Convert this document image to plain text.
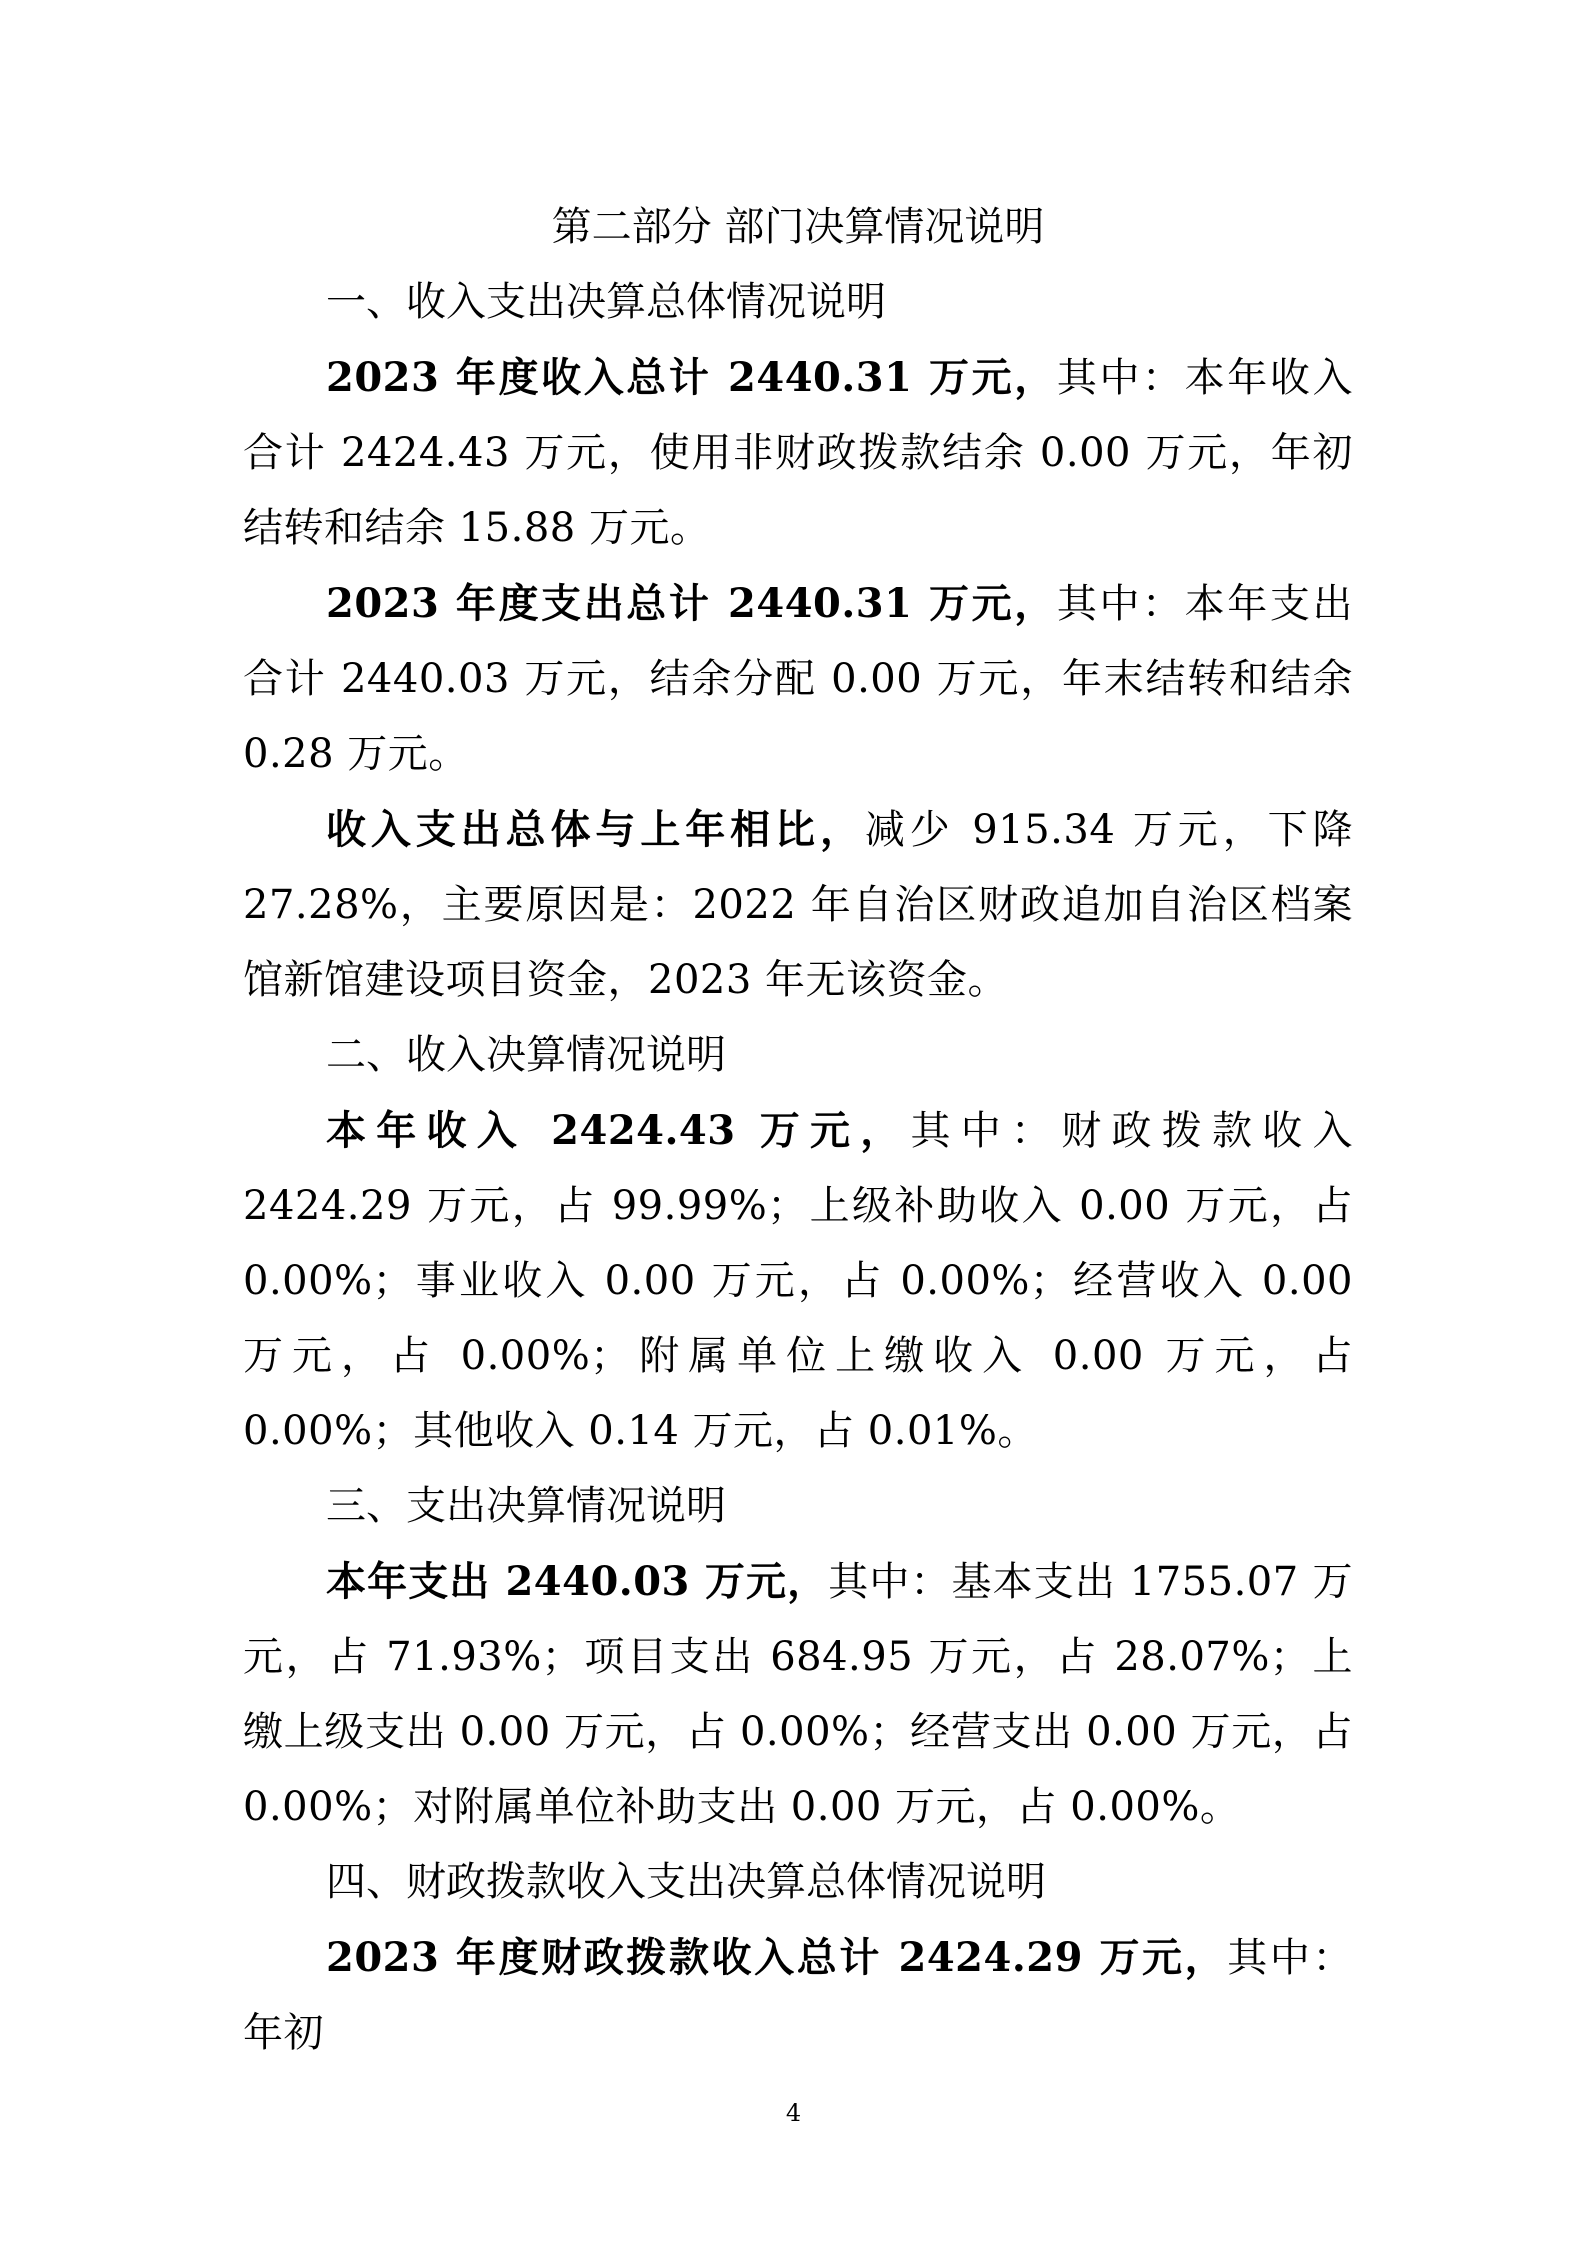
第二部分 部门决算情况说明
一、收入支出决算总体情况说明

2023 年度收入总计 2440.31 万元，其中：本年收入合计 2424.43 万元，使用非财政拨款结余 0.00 万元，年初结转和结余 15.88 万元。

2023 年度支出总计 2440.31 万元，其中：本年支出合计 2440.03 万元，结余分配 0.00 万元，年末结转和结余 0.28 万元。

收入支出总体与上年相比，减少 915.34 万元，下降 27.28%，主要原因是：2022 年自治区财政追加自治区档案馆新馆建设项目资金，2023 年无该资金。

二、收入决算情况说明

本年收入 2424.43 万元，其中：财政拨款收入 2424.29 万元，占 99.99%；上级补助收入 0.00 万元，占 0.00%；事业收入 0.00 万元，占 0.00%；经营收入 0.00 万元，占 0.00%；附属单位上缴收入 0.00 万元，占 0.00%；其他收入 0.14 万元，占 0.01%。

三、支出决算情况说明

本年支出 2440.03 万元，其中：基本支出 1755.07 万元，占 71.93%；项目支出 684.95 万元，占 28.07%；上缴上级支出 0.00 万元，占 0.00%；经营支出 0.00 万元，占 0.00%；对附属单位补助支出 0.00 万元，占 0.00%。

四、财政拨款收入支出决算总体情况说明

2023 年度财政拨款收入总计 2424.29 万元，其中：年初

4
